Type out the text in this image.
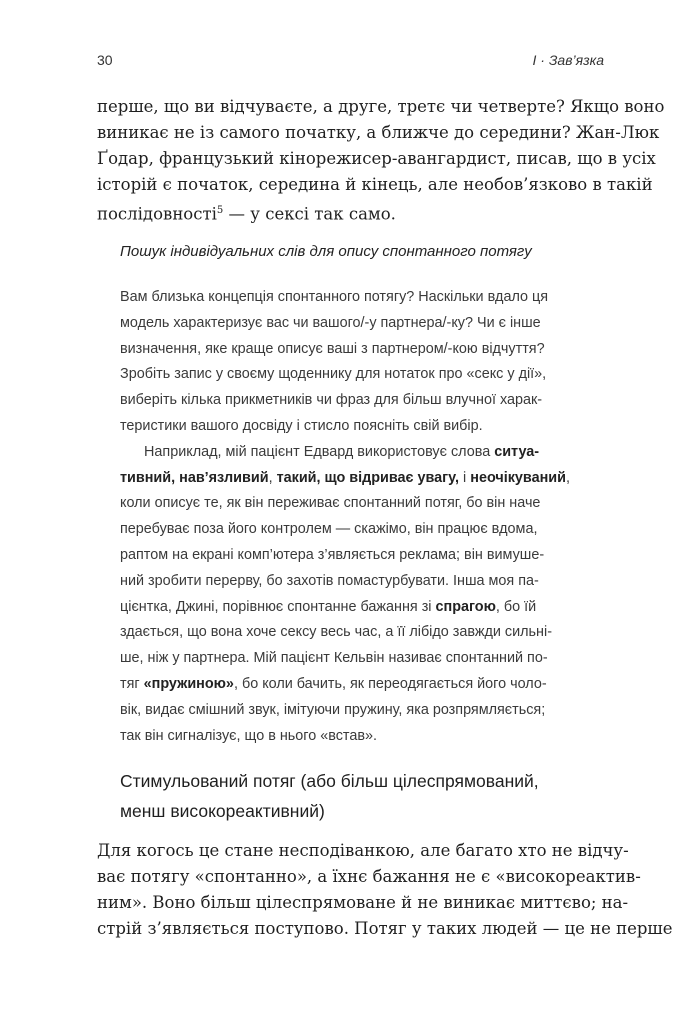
30	I · Зав’язка
перше, що ви відчуваєте, а друге, третє чи четверте? Якщо воно
виникає не із самого початку, а ближче до середини? Жан-Люк
Ґодар, французький кінорежисер-авангардист, писав, що в усіх
історій є початок, середина й кінець, але необов’язково в такій
послідовності$^5$ — у сексі так само.
Пошук індивідуальних слів для опису спонтанного потягу
Вам близька концепція спонтанного потягу? Наскільки вдало ця
модель характеризує вас чи вашого/-у партнера/-ку? Чи є інше
визначення, яке краще описує ваші з партнером/-кою відчуття?
Зробіть запис у своєму щоденнику для нотаток про «секс у дії»,
виберіть кілька прикметників чи фраз для більш влучної харак-
теристики вашого досвіду і стисло поясніть свій вибір.
Наприклад, мій пацієнт Едвард використовує слова ситуа-
тивний, нав’язливий, такий, що відриває увагу, і неочікуваний,
коли описує те, як він переживає спонтанний потяг, бо він наче
перебуває поза його контролем — скажімо, він працює вдома,
раптом на екрані комп’ютера з’являється реклама; він вимуше-
ний зробити перерву, бо захотів помастурбувати. Інша моя па-
цієнтка, Джині, порівнює спонтанне бажання зі спрагою, бо їй
здається, що вона хоче сексу весь час, а її лібідо завжди сильні-
ше, ніж у партнера. Мій пацієнт Кельвін називає спонтанний по-
тяг «пружиною», бо коли бачить, як переодягається його чоло-
вік, видає смішний звук, імітуючи пружину, яка розпрямляється;
так він сигналізує, що в нього «встав».
Стимульований потяг (або більш цілеспрямований,
менш високореактивний)
Для когось це стане несподіванкою, але багато хто не відчу-
ває потягу «спонтанно», а їхнє бажання не є «високореактив-
ним». Воно більш цілеспрямоване й не виникає миттєво; на-
стрій з’являється поступово. Потяг у таких людей — це не перше
